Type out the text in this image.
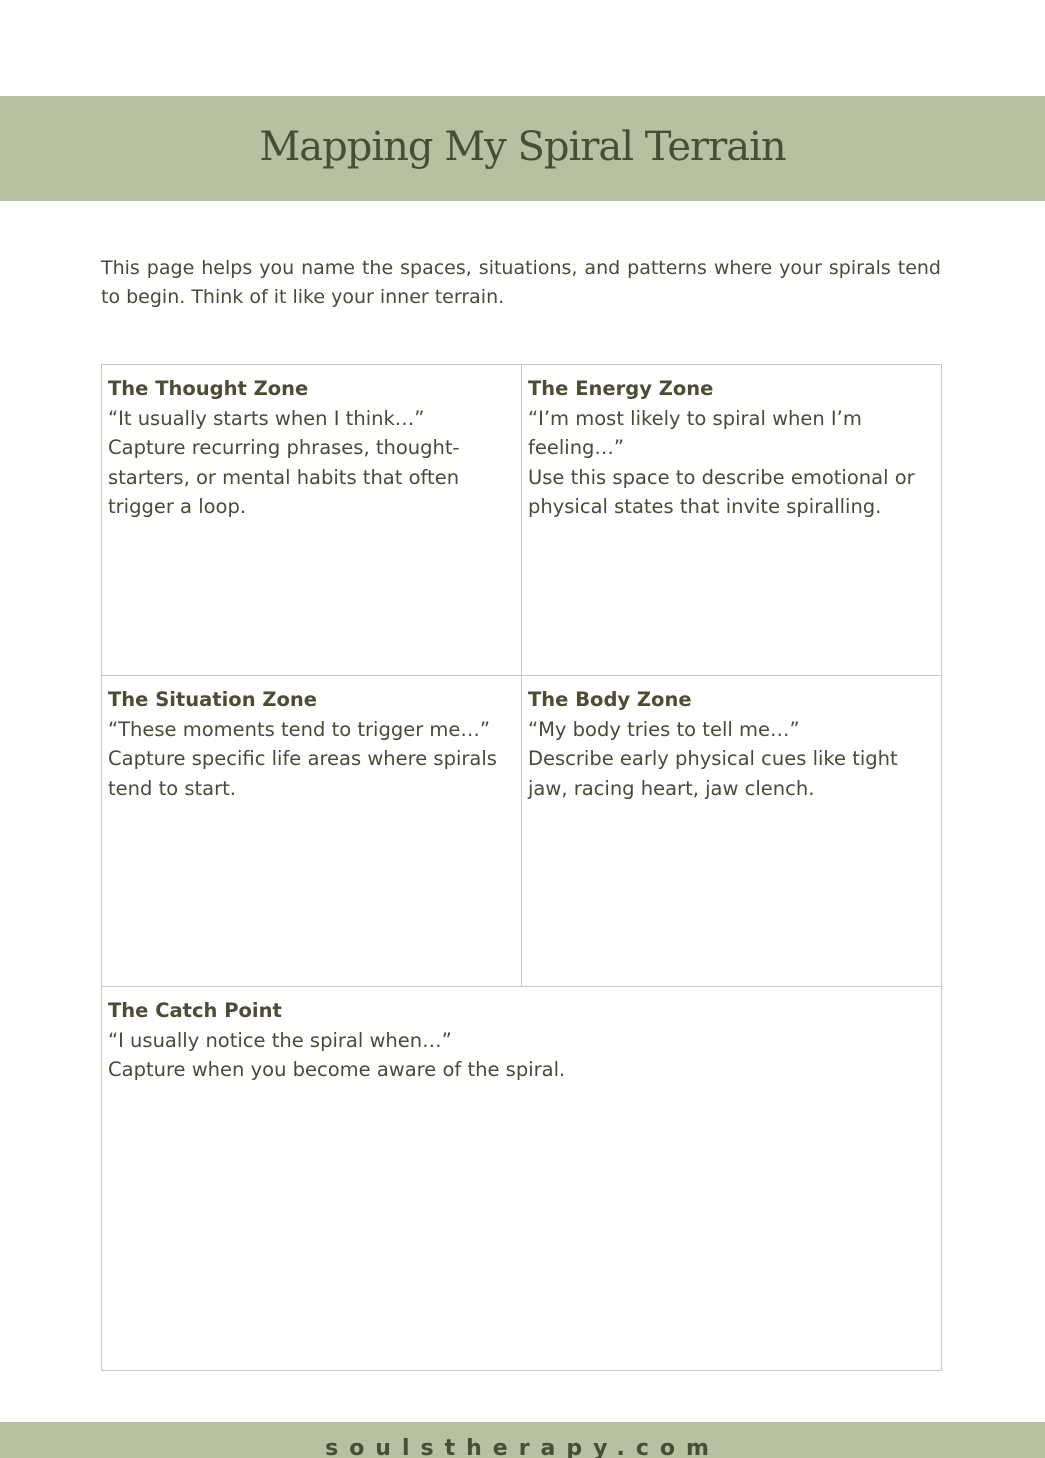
Mapping My Spiral Terrain

This page helps you name the spaces, situations, and patterns where your spirals tend to begin. Think of it like your inner terrain.

The Thought Zone
“It usually starts when I think…”
Capture recurring phrases, thought-starters, or mental habits that often trigger a loop.
The Energy Zone
“I’m most likely to spiral when I’m feeling…”
Use this space to describe emotional or physical states that invite spiralling.
The Situation Zone
“These moments tend to trigger me…”
Capture specific life areas where spirals tend to start.
The Body Zone
“My body tries to tell me…”
Describe early physical cues like tight jaw, racing heart, jaw clench.
The Catch Point
“I usually notice the spiral when…”
Capture when you become aware of the spiral.
soulstherapy.com
